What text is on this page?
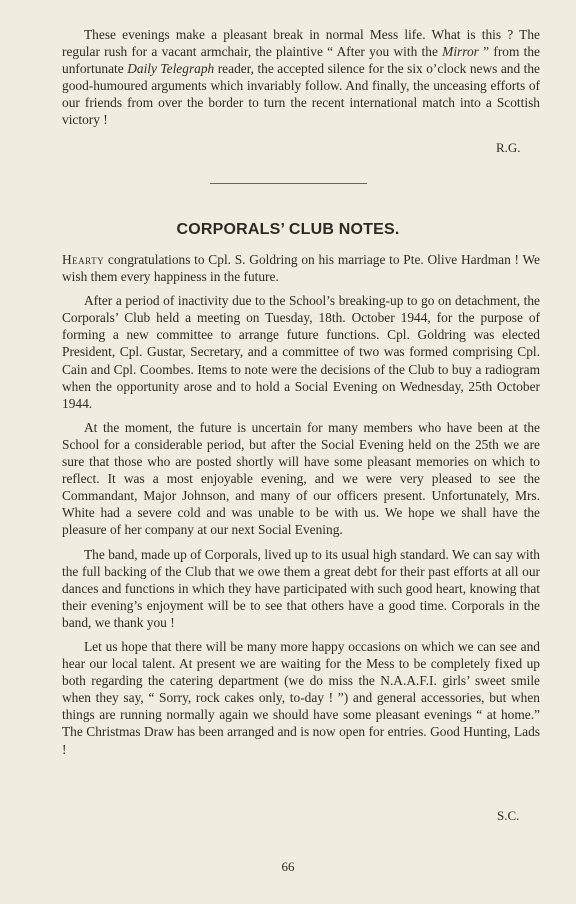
These evenings make a pleasant break in normal Mess life. What is this ? The regular rush for a vacant armchair, the plaintive “ After you with the Mirror ” from the unfortunate Daily Telegraph reader, the accepted silence for the six o’clock news and the good-humoured arguments which invariably follow. And finally, the unceasing efforts of our friends from over the border to turn the recent international match into a Scottish victory !

R.G.
CORPORALS’ CLUB NOTES.

Hearty congratulations to Cpl. S. Goldring on his marriage to Pte. Olive Hardman ! We wish them every happiness in the future.

After a period of inactivity due to the School’s breaking-up to go on detachment, the Corporals’ Club held a meeting on Tuesday, 18th. October 1944, for the purpose of forming a new committee to arrange future functions. Cpl. Goldring was elected President, Cpl. Gustar, Secretary, and a committee of two was formed comprising Cpl. Cain and Cpl. Coombes. Items to note were the decisions of the Club to buy a radiogram when the opportunity arose and to hold a Social Evening on Wednesday, 25th October 1944.

At the moment, the future is uncertain for many members who have been at the School for a considerable period, but after the Social Evening held on the 25th we are sure that those who are posted shortly will have some pleasant memories on which to reflect. It was a most enjoyable evening, and we were very pleased to see the Commandant, Major Johnson, and many of our officers present. Unfortunately, Mrs. White had a severe cold and was unable to be with us. We hope we shall have the pleasure of her company at our next Social Evening.

The band, made up of Corporals, lived up to its usual high standard. We can say with the full backing of the Club that we owe them a great debt for their past efforts at all our dances and functions in which they have participated with such good heart, knowing that their evening’s enjoyment will be to see that others have a good time. Corporals in the band, we thank you !

Let us hope that there will be many more happy occasions on which we can see and hear our local talent. At present we are waiting for the Mess to be completely fixed up both regarding the catering department (we do miss the N.A.A.F.I. girls’ sweet smile when they say, “ Sorry, rock cakes only, to-day ! ”) and general accessories, but when things are running normally again we should have some pleasant evenings “ at home.” The Christmas Draw has been arranged and is now open for entries. Good Hunting, Lads !

S.C.
66
